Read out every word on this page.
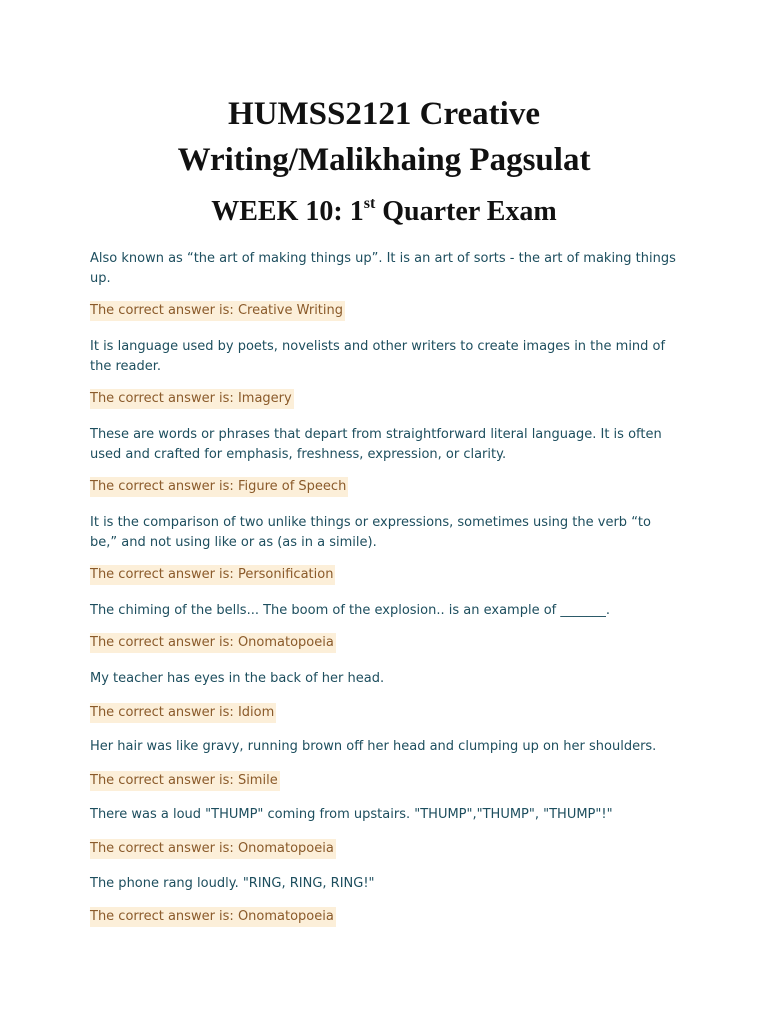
HUMSS2121 Creative
Writing/Malikhaing Pagsulat
WEEK 10: 1st Quarter Exam

Also known as “the art of making things up”. It is an art of sorts - the art of making things up.

The correct answer is: Creative Writing

It is language used by poets, novelists and other writers to create images in the mind of the reader.

The correct answer is: Imagery

These are words or phrases that depart from straightforward literal language. It is often used and crafted for emphasis, freshness, expression, or clarity.

The correct answer is: Figure of Speech

It is the comparison of two unlike things or expressions, sometimes using the verb “to be,” and not using like or as (as in a simile).

The correct answer is: Personification

The chiming of the bells... The boom of the explosion.. is an example of _______.

The correct answer is: Onomatopoeia

My teacher has eyes in the back of her head.

The correct answer is: Idiom

Her hair was like gravy, running brown off her head and clumping up on her shoulders.

The correct answer is: Simile

There was a loud "THUMP" coming from upstairs. "THUMP","THUMP", "THUMP"!"

The correct answer is: Onomatopoeia

The phone rang loudly. "RING, RING, RING!"

The correct answer is: Onomatopoeia
